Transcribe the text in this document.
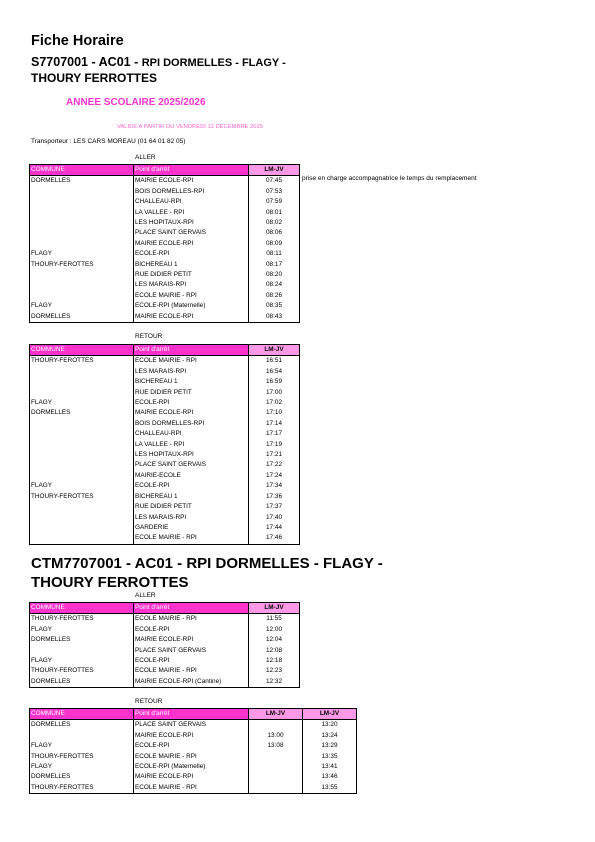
Fiche Horaire
S7707001 - AC01 - RPI DORMELLES - FLAGY -
THOURY FERROTTES
ANNEE SCOLAIRE 2025/2026
VALIDE A PARTIR DU VENDREDI 12 DECEMBRE 2025
Transporteur : LES CARS MOREAU (01 64 01 82 05)
ALLER
COMMUNE	Point d'arrêt	LM-JV
DORMELLES	MAIRIE ECOLE-RPI	07:45
	BOIS DORMELLES-RPI	07:53
	CHALLEAU-RPI	07:59
	LA VALLEE - RPI	08:01
	LES HOPITAUX-RPI	08:02
	PLACE SAINT GERVAIS	08:06
	MAIRIE ECOLE-RPI	08:09
FLAGY	ECOLE-RPI	08:11
THOURY-FEROTTES	BICHEREAU 1	08:17
	RUE DIDIER PETIT	08:20
	LES MARAIS-RPI	08:24
	ECOLE MAIRIE - RPI	08:26
FLAGY	ECOLE-RPI (Maternelle)	08:35
DORMELLES	MAIRIE ECOLE-RPI	08:43
prise en charge accompagnatrice le temps du remplacement
RETOUR
COMMUNE	Point d'arrêt	LM-JV
THOURY-FEROTTES	ECOLE MAIRIE - RPI	16:51
	LES MARAIS-RPI	16:54
	BICHEREAU 1	16:59
	RUE DIDIER PETIT	17:00
FLAGY	ECOLE-RPI	17:02
DORMELLES	MAIRIE ECOLE-RPI	17:10
	BOIS DORMELLES-RPI	17:14
	CHALLEAU-RPI	17:17
	LA VALLEE - RPI	17:19
	LES HOPITAUX-RPI	17:21
	PLACE SAINT GERVAIS	17:22
	MAIRIE-ECOLE	17:24
FLAGY	ECOLE-RPI	17:34
THOURY-FEROTTES	BICHEREAU 1	17:36
	RUE DIDIER PETIT	17:37
	LES MARAIS-RPI	17:40
	GARDERIE	17:44
	ECOLE MAIRIE - RPI	17:46
CTM7707001 - AC01 - RPI DORMELLES - FLAGY -
THOURY FERROTTES
ALLER
COMMUNE	Point d'arrêt	LM-JV
THOURY-FEROTTES	ECOLE MAIRIE - RPI	11:55
FLAGY	ECOLE-RPI	12:00
DORMELLES	MAIRIE ECOLE-RPI	12:04
	PLACE SAINT GERVAIS	12:08
FLAGY	ECOLE-RPI	12:18
THOURY-FEROTTES	ECOLE MAIRIE - RPI	12:23
DORMELLES	MAIRIE ECOLE-RPI (Cantine)	12:32
RETOUR
COMMUNE	Point d'arrêt	LM-JV	LM-JV
DORMELLES	PLACE SAINT GERVAIS		13:20
	MAIRIE ECOLE-RPI	13:00	13:24
FLAGY	ECOLE-RPI	13:08	13:29
THOURY-FEROTTES	ECOLE MAIRIE - RPI		13:35
FLAGY	ECOLE-RPI (Maternelle)		13:41
DORMELLES	MAIRIE ECOLE-RPI		13:46
THOURY-FEROTTES	ECOLE MAIRIE - RPI		13:55
